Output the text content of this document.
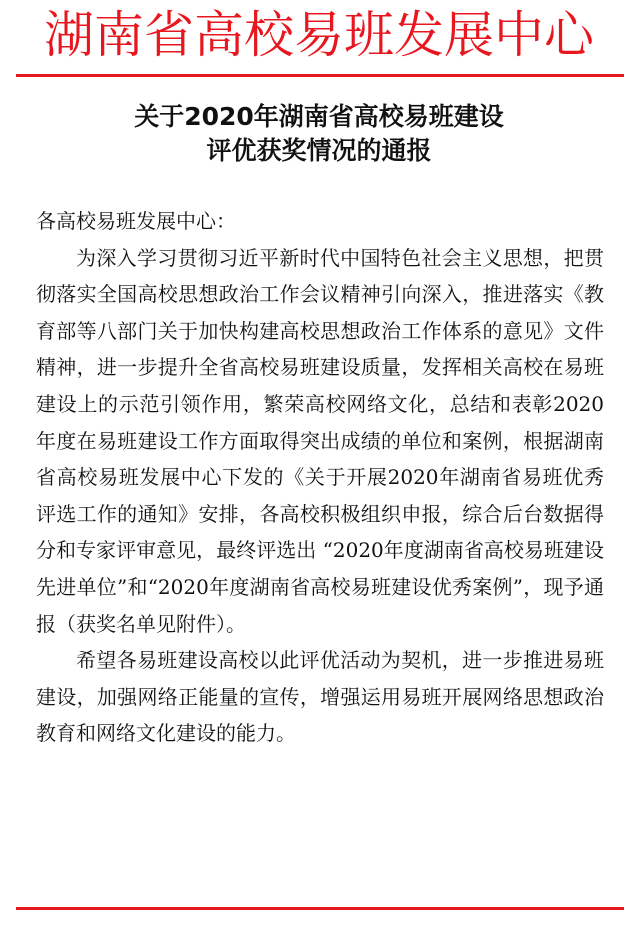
湖南省高校易班发展中心
关于2020年湖南省高校易班建设
评优获奖情况的通报

各高校易班发展中心：

为深入学习贯彻习近平新时代中国特色社会主义思想，把贯彻落实全国高校思想政治工作会议精神引向深入，推进落实《教育部等八部门关于加快构建高校思想政治工作体系的意见》文件精神，进一步提升全省高校易班建设质量，发挥相关高校在易班建设上的示范引领作用，繁荣高校网络文化，总结和表彰2020年度在易班建设工作方面取得突出成绩的单位和案例，根据湖南省高校易班发展中心下发的《关于开展2020年湖南省易班优秀评选工作的通知》安排，各高校积极组织申报，综合后台数据得分和专家评审意见，最终评选出 “2020年度湖南省高校易班建设先进单位”和“2020年度湖南省高校易班建设优秀案例”，现予通报（获奖名单见附件）。

希望各易班建设高校以此评优活动为契机，进一步推进易班建设，加强网络正能量的宣传，增强运用易班开展网络思想政治教育和网络文化建设的能力。
